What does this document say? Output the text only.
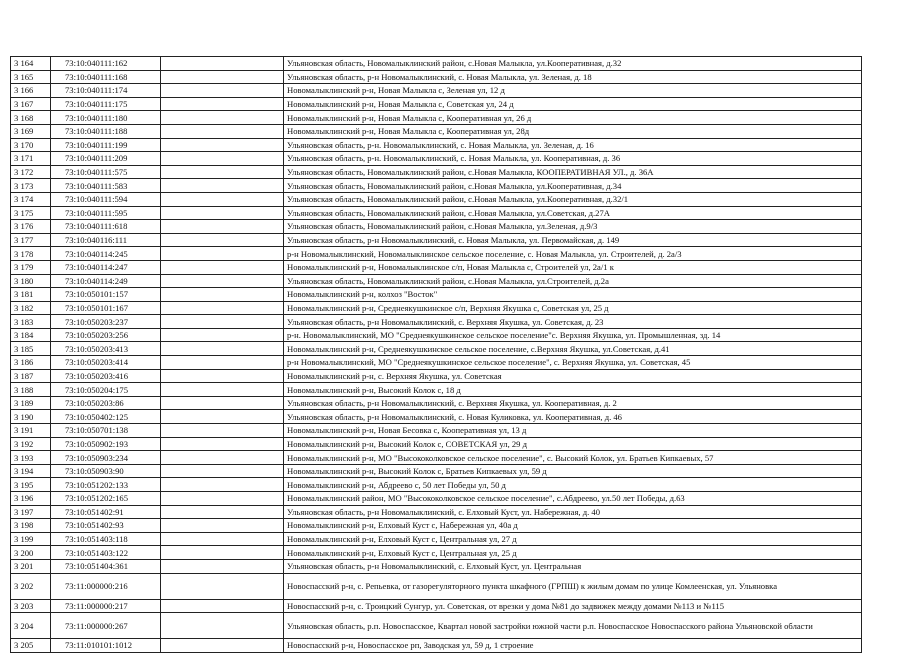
3 164	73:10:040111:162		Ульяновская область, Новомалыклинский район, с.Новая Малыкла, ул.Кооперативная, д.32
3 165	73:10:040111:168		Ульяновская область, р-н Новомалыклинский, с. Новая Малыкла, ул. Зеленая, д. 18
3 166	73:10:040111:174		Новомалыклинский р-н, Новая Малыкла с, Зеленая ул, 12 д
3 167	73:10:040111:175		Новомалыклинский р-н, Новая Малыкла с, Советская ул, 24 д
3 168	73:10:040111:180		Новомалыклинский р-н, Новая Малыкла с, Кооперативная ул, 26 д
3 169	73:10:040111:188		Новомалыклинский р-н, Новая Малыкла с, Кооперативная ул, 28д
3 170	73:10:040111:199		Ульяновская область, р-н. Новомалыклинский, с. Новая Малыкла, ул. Зеленая, д. 16
3 171	73:10:040111:209		Ульяновская область, р-н. Новомалыклинский, с. Новая Малыкла, ул. Кооперативная, д. 36
3 172	73:10:040111:575		Ульяновская область, Новомалыклинский район, с.Новая Малыкла, КООПЕРАТИВНАЯ УЛ., д. 36А
3 173	73:10:040111:583		Ульяновская область, Новомалыклинский район, с.Новая Малыкла, ул.Кооперативная, д.34
3 174	73:10:040111:594		Ульяновская область, Новомалыклинский район, с.Новая Малыкла, ул.Кооперативная, д.32/1
3 175	73:10:040111:595		Ульяновская область, Новомалыклинский район, с.Новая Малыкла, ул.Советская, д.27А
3 176	73:10:040111:618		Ульяновская область, Новомалыклинский район, с.Новая Малыкла, ул.Зеленая, д.9/3
3 177	73:10:040116:111		Ульяновская область, р-н Новомалыклинский, с. Новая Малыкла, ул. Первомайская, д. 149
3 178	73:10:040114:245		р-н Новомалыклинский, Новомалыклинское сельское поселение, с. Новая Малыкла, ул. Строителей, д. 2а/3
3 179	73:10:040114:247		Новомалыклинский р-н, Новомалыклинское с/п, Новая Малыкла с, Строителей ул, 2а/1 к
3 180	73:10:040114:249		Ульяновская область, Новомалыклинский район, с.Новая Малыкла, ул.Строителей, д.2а
3 181	73:10:050101:157		Новомалыклинский р-н, колхоз "Восток"
3 182	73:10:050101:167		Новомалыклинский р-н, Среднеякушкинское с/п, Верхняя Якушка с, Советская ул, 25 д
3 183	73:10:050203:237		Ульяновская область, р-н Новомалыклинский, с. Верхняя Якушка, ул. Советская, д. 23
3 184	73:10:050203:256		р-н. Новомалыклинский, МО "Среднеякушкинское сельское поселение"с. Верхняя Якушка, ул. Промышленная, зд. 14
3 185	73:10:050203:413		Новомалыклинский р-н, Среднеякушкинское сельское поселение, с.Верхняя Якушка, ул.Советская, д.41
3 186	73:10:050203:414		р-н Новомалыклинский, МО "Среднеякушкинское сельское поселение", с. Верхняя Якушка, ул. Советская, 45
3 187	73:10:050203:416		Новомалыклинский р-н, с. Верхняя Якушка, ул. Советская
3 188	73:10:050204:175		Новомалыклинский р-н, Высокий Колок с, 18 д
3 189	73:10:050203:86		Ульяновская область, р-н Новомалыклинский, с. Верхняя Якушка, ул. Кооперативная, д. 2
3 190	73:10:050402:125		Ульяновская область, р-н Новомалыклинский, с. Новая Куликовка, ул. Кооперативная, д. 46
3 191	73:10:050701:138		Новомалыклинский р-н, Новая Бесовка с, Кооперативная ул, 13 д
3 192	73:10:050902:193		Новомалыклинский р-н, Высокий Колок с, СОВЕТСКАЯ ул, 29 д
3 193	73:10:050903:234		Новомалыклинский р-н, МО "Высококолковское сельское поселение", с. Высокий Колок, ул. Братьев Кипкаевых, 57
3 194	73:10:050903:90		Новомалыклинский р-н, Высокий Колок с, Братьев Кипкаевых ул, 59 д
3 195	73:10:051202:133		Новомалыклинский р-н, Абдреево с, 50 лет Победы ул, 50 д
3 196	73:10:051202:165		Новомалыклинский район, МО "Высококолковское сельское поселение", с.Абдреево, ул.50 лет Победы, д.63
3 197	73:10:051402:91		Ульяновская область, р-н Новомалыклинский, с. Елховый Куст, ул. Набережная, д. 40
3 198	73:10:051402:93		Новомалыклинский р-н, Елховый Куст с, Набережная ул, 40а д
3 199	73:10:051403:118		Новомалыклинский р-н, Елховый Куст с, Центральная ул, 27 д
3 200	73:10:051403:122		Новомалыклинский р-н, Елховый Куст с, Центральная ул, 25 д
3 201	73:10:051404:361		Ульяновская область, р-н Новомалыклинский, с. Елховый Куст, ул. Центральная
3 202	73:11:000000:216		Новоспасский р-н, с. Репьевка, от газорегуляторного пункта шкафного (ГРПШ) к жилым домам по улице Комлеенская, ул. Ульяновка
3 203	73:11:000000:217		Новоспасский р-н, с. Троицкий Сунгур, ул. Советская, от врезки у дома №81 до задвижек между домами №113 и №115
3 204	73:11:000000:267		Ульяновская область, р.п. Новоспасское, Квартал новой застройки южной части р.п. Новоспасское Новоспасского района Ульяновской области
3 205	73:11:010101:1012		Новоспасский р-н, Новоспасское рп, Заводская ул, 59 д, 1 строение
